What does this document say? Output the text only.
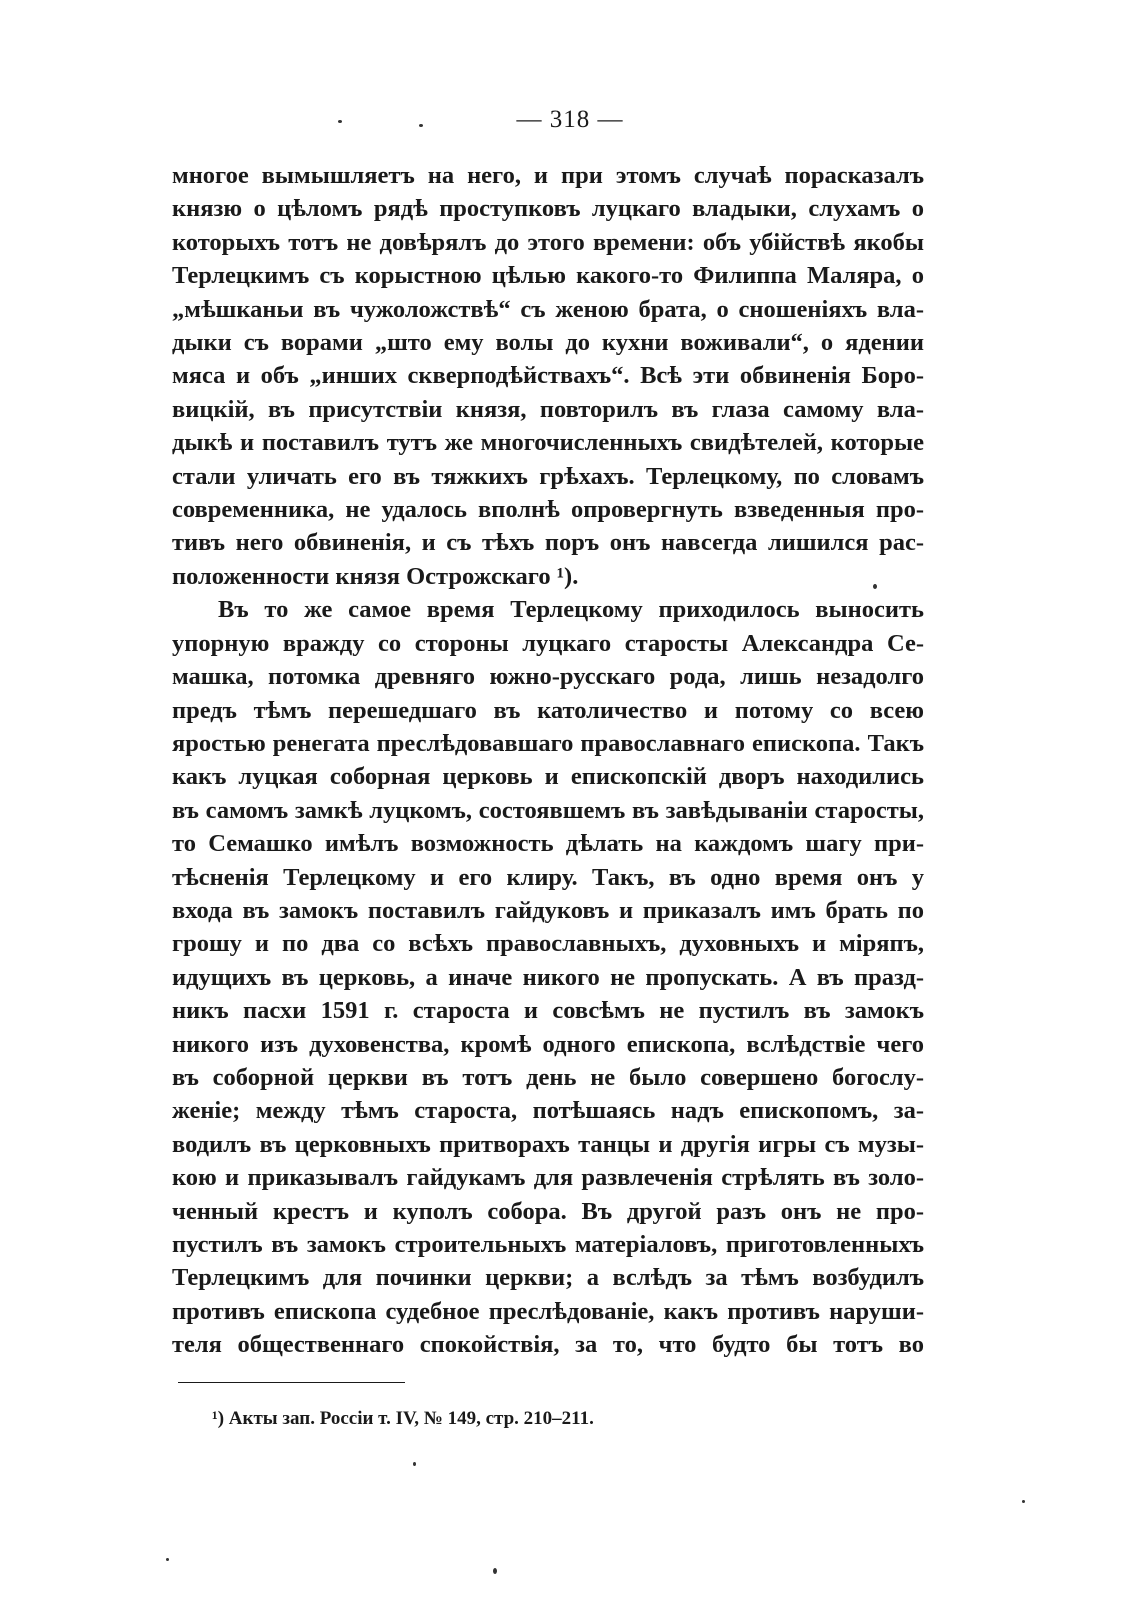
— 318 —
многое вымышляетъ на него, и при этомъ случаѣ порасказалъ
князю о цѣломъ рядѣ проступковъ луцкаго владыки, слухамъ о
которыхъ тотъ не довѣрялъ до этого времени: объ убійствѣ якобы
Терлецкимъ съ корыстною цѣлью какого-то Филиппа Маляра, о
„мѣшканьи въ чужоложствѣ“ съ женою брата, о сношеніяхъ вла-
дыки съ ворами „што ему волы до кухни воживали“, о ядении
мяса и объ „инших скверподѣйствахъ“. Всѣ эти обвиненія Боро-
вицкій, въ присутствіи князя, повторилъ въ глаза самому вла-
дыкѣ и поставилъ тутъ же многочисленныхъ свидѣтелей, которые
стали уличать его въ тяжкихъ грѣхахъ. Терлецкому, по словамъ
современника, не удалось вполнѣ опровергнуть взведенныя про-
тивъ него обвиненія, и съ тѣхъ поръ онъ навсегда лишился рас-
положенности князя Острожскаго ¹).
Въ то же самое время Терлецкому приходилось выносить
упорную вражду со стороны луцкаго старосты Александра Се-
машка, потомка древняго южно-русскаго рода, лишь незадолго
предъ тѣмъ перешедшаго въ католичество и потому со всею
яростью ренегата преслѣдовавшаго православнаго епископа. Такъ
какъ луцкая соборная церковь и епископскій дворъ находились
въ самомъ замкѣ луцкомъ, состоявшемъ въ завѣдываніи старосты,
то Семашко имѣлъ возможность дѣлать на каждомъ шагу при-
тѣсненія Терлецкому и его клиру. Такъ, въ одно время онъ у
входа въ замокъ поставилъ гайдуковъ и приказалъ имъ брать по
грошу и по два со всѣхъ православныхъ, духовныхъ и міряпъ,
идущихъ въ церковь, а иначе никого не пропускать. А въ празд-
никъ пасхи 1591 г. староста и совсѣмъ не пустилъ въ замокъ
никого изъ духовенства, кромѣ одного епископа, вслѣдствіе чего
въ соборной церкви въ тотъ день не было совершено богослу-
женіе; между тѣмъ староста, потѣшаясь надъ епископомъ, за-
водилъ въ церковныхъ притворахъ танцы и другія игры съ музы-
кою и приказывалъ гайдукамъ для развлеченія стрѣлять въ золо-
ченный крестъ и куполъ собора. Въ другой разъ онъ не про-
пустилъ въ замокъ строительныхъ матеріаловъ, приготовленныхъ
Терлецкимъ для починки церкви; а вслѣдъ за тѣмъ возбудилъ
противъ епископа судебное преслѣдованіе, какъ противъ наруши-
теля общественнаго спокойствія, за то, что будто бы тотъ во
¹) Акты зап. Россіи т. IV, № 149, стр. 210–211.
